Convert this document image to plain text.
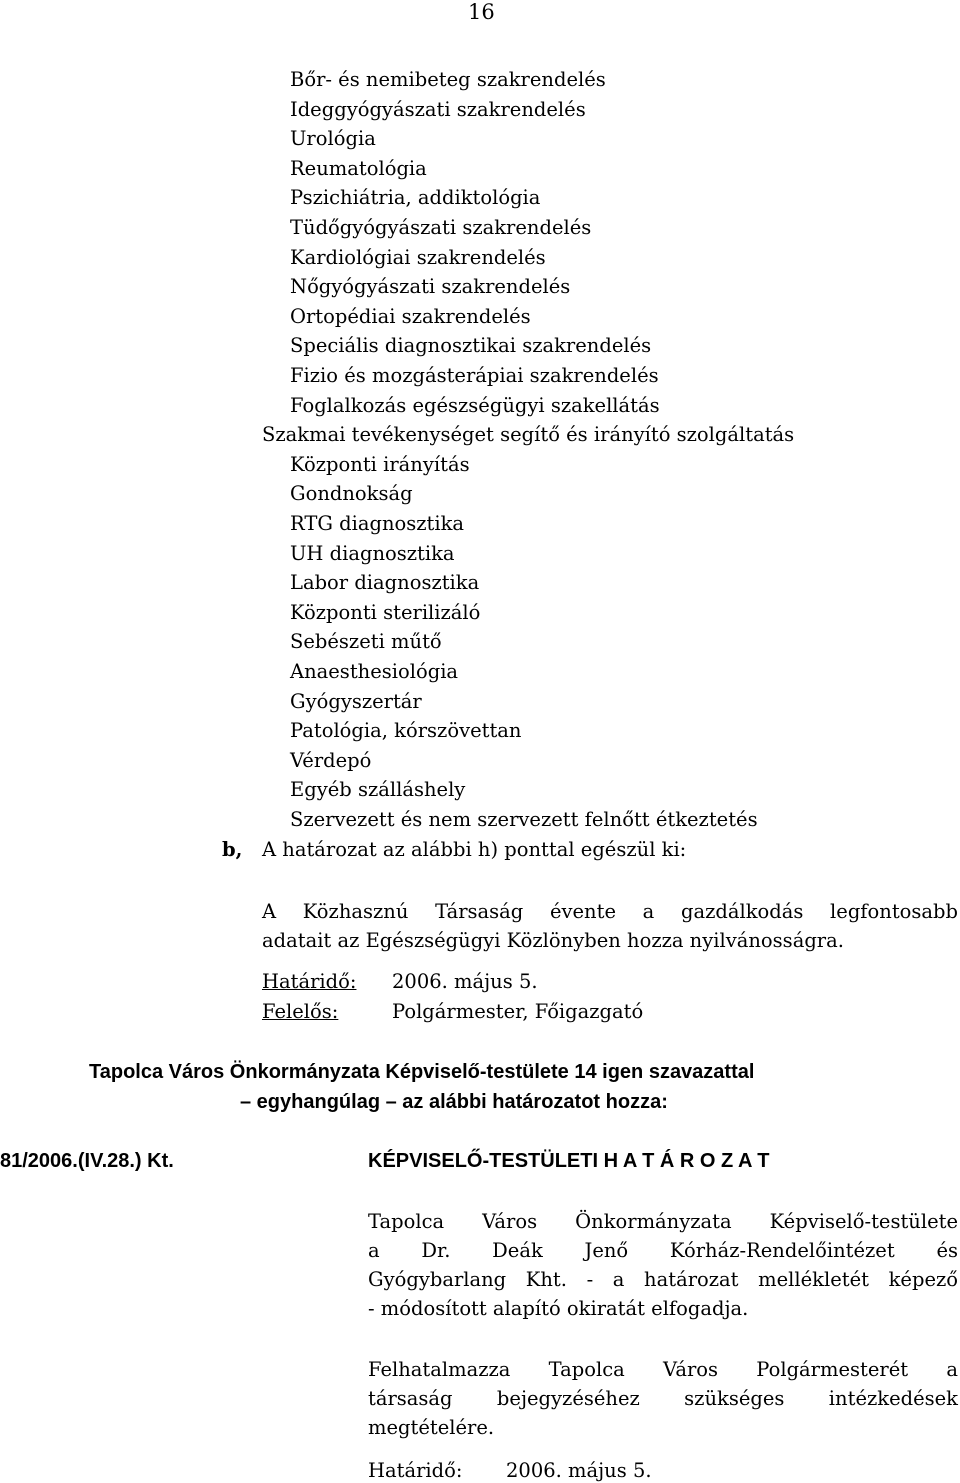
16
Bőr- és nemibeteg szakrendelés
Ideggyógyászati szakrendelés
Urológia
Reumatológia
Pszichiátria, addiktológia
Tüdőgyógyászati szakrendelés
Kardiológiai szakrendelés
Nőgyógyászati szakrendelés
Ortopédiai szakrendelés
Speciális diagnosztikai szakrendelés
Fizio és mozgásterápiai szakrendelés
Foglalkozás egészségügyi szakellátás
Szakmai tevékenységet segítő és irányító szolgáltatás
Központi irányítás
Gondnokság
RTG diagnosztika
UH diagnosztika
Labor diagnosztika
Központi sterilizáló
Sebészeti műtő
Anaesthesiológia
Gyógyszertár
Patológia, kórszövettan
Vérdepó
Egyéb szálláshely
Szervezett és nem szervezett felnőtt étkeztetés
b, A határozat az alábbi h) ponttal egészül ki:
A Közhasznú Társaság évente a gazdálkodás legfontosabb
adatait az Egészségügyi Közlönyben hozza nyilvánosságra.
Határidő: 2006. május 5.
Felelős:	Polgármester, Főigazgató
Tapolca Város Önkormányzata Képviselő-testülete 14 igen szavazattal
– egyhangúlag – az alábbi határozatot hozza:
81/2006.(IV.28.) Kt.	KÉPVISELŐ-TESTÜLETI H A T Á R O Z A T
Tapolca Város Önkormányzata Képviselő-testülete
a Dr. Deák Jenő Kórház-Rendelőintézet és
Gyógybarlang Kht. - a határozat mellékletét képező
- módosított alapító okiratát elfogadja.
Felhatalmazza Tapolca Város Polgármesterét a
társaság bejegyzéséhez szükséges intézkedések
megtételére.
Határidő: 2006. május 5.
